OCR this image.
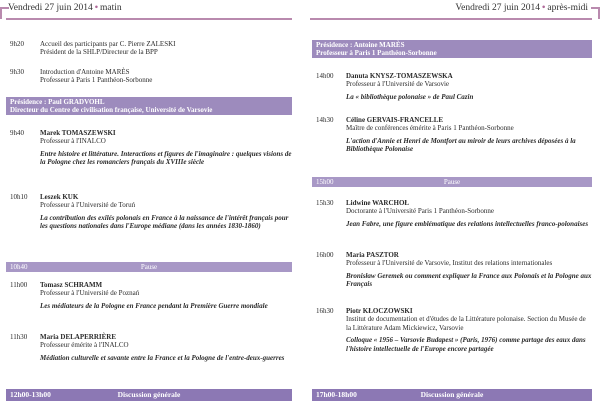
Vendredi 27 juin 2014 • matin
9h20 Accueil des participants par C. Pierre ZALESKI
Président de la SHLP/Directeur de la BPP
9h30 Introduction d'Antoine MARÈS
Professeur à Paris 1 Panthéon-Sorbonne
Présidence : Paul GRADVOHL
Directeur du Centre de civilisation française, Université de Varsovie
9h40 Marek TOMASZEWSKI
Professeur à l'INALCO
Entre histoire et littérature. Interactions et figures de l'imaginaire : quelques visions de la Pologne chez les romanciers français du XVIIIe siècle
10h10 Leszek KUK
Professeur à l'Université de Toruń
La contribution des exilés polonais en France à la naissance de l'intérêt français pour les questions nationales dans l'Europe médiane (dans les années 1830-1860)
10h40	Pause
11h00 Tomasz SCHRAMM
Professeur à l'Université de Poznań
Les médiateurs de la Pologne en France pendant la Première Guerre mondiale
11h30 Maria DELAPERRIÈRE
Professeur émérite à l'INALCO
Médiation culturelle et savante entre la France et la Pologne de l'entre-deux-guerres
12h00-13h00	Discussion générale
Vendredi 27 juin 2014 • après-midi
Présidence : Antoine MARÈS
Professeur à Paris 1 Panthéon-Sorbonne
14h00 Danuta KNYSZ-TOMASZEWSKA
Professeur à l'Université de Varsovie
La « bibliothèque polonaise » de Paul Cazin
14h30 Céline GERVAIS-FRANCELLE
Maître de conférences émérite à Paris 1 Panthéon-Sorbonne
L'action d'Annie et Henri de Montfort au miroir de leurs archives déposées à la Bibliothèque Polonaise
15h00	Pause
15h30 Lidwine WARCHOŁ
Doctorante à l'Université Paris 1 Panthéon-Sorbonne
Jean Fabre, une figure emblématique des relations intellectuelles franco-polonaises
16h00 Maria PASZTOR
Professeur à l'Université de Varsovie, Institut des relations internationales
Bronisław Geremek ou comment expliquer la France aux Polonais et la Pologne aux Français
16h30 Piotr KŁOCZOWSKI
Institut de documentation et d'études de la Littérature polonaise. Section du Musée de la Littérature Adam Mickiewicz, Varsovie
Colloque « 1956 – Varsovie Budapest » (Paris, 1976) comme partage des eaux dans l'histoire intellectuelle de l'Europe encore partagée
17h00-18h00	Discussion générale
